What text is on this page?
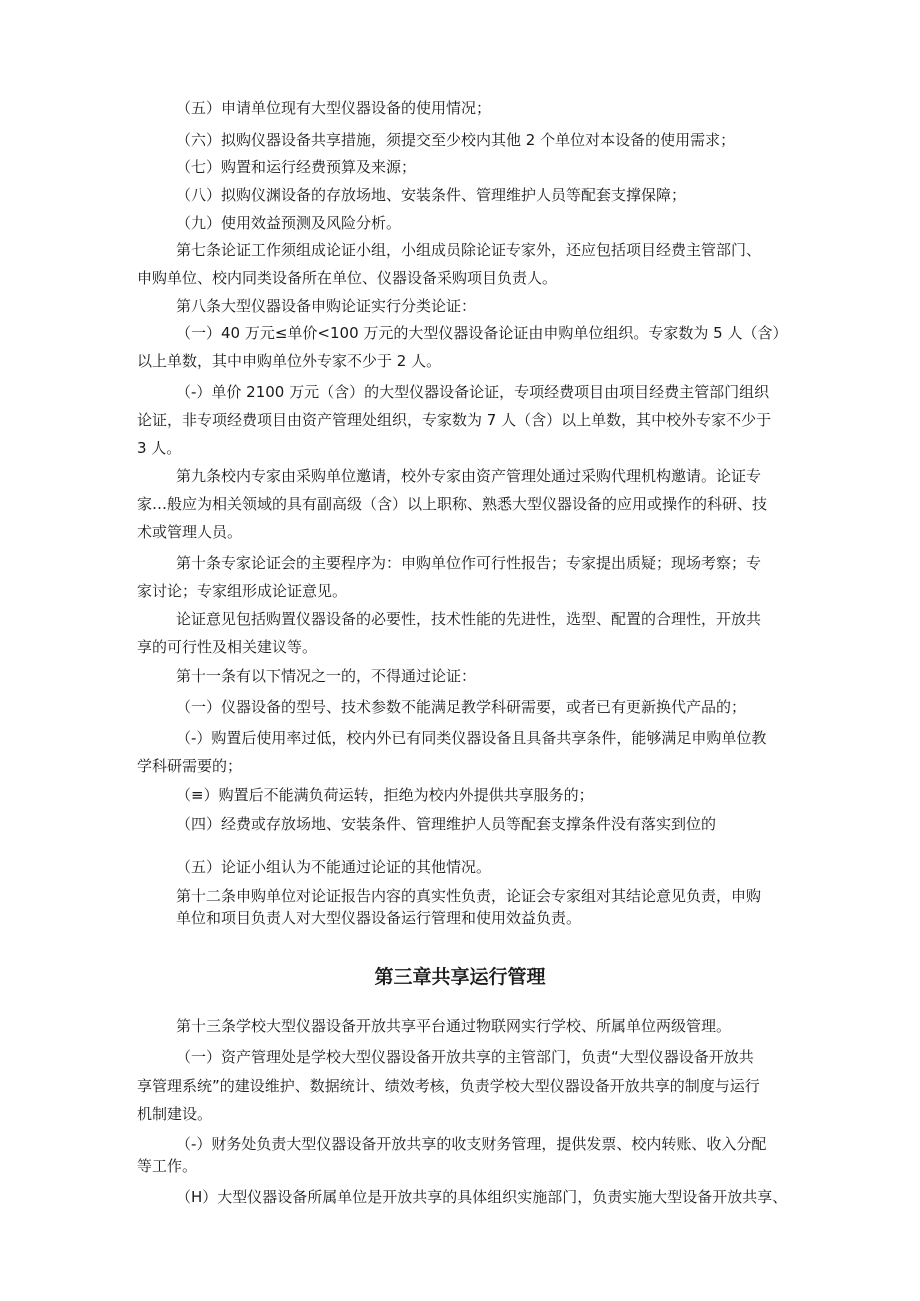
（五）申请单位现有大型仪器设备的使用情况；
（六）拟购仪器设备共享措施，须提交至少校内其他 2 个单位对本设备的使用需求；
（七）购置和运行经费预算及来源；
（八）拟购仪渊设备的存放场地、安装条件、管理维护人员等配套支撑保障；
（九）使用效益预测及风险分析。
第七条论证工作须组成论证小组，小组成员除论证专家外，还应包括项目经费主管部门、
申购单位、校内同类设备所在单位、仪器设备采购项目负责人。
第八条大型仪器设备申购论证实行分类论证：
（一）40 万元≤单价<100 万元的大型仪器设备论证由申购单位组织。专家数为 5 人（含）
以上单数，其中申购单位外专家不少于 2 人。
（-）单价 2100 万元（含）的大型仪器设备论证，专项经费项目由项目经费主管部门组织
论证，非专项经费项目由资产管理处组织，专家数为 7 人（含）以上单数，其中校外专家不少于
3 人。
第九条校内专家由采购单位邀请，校外专家由资产管理处通过采购代理机构邀请。论证专
家…般应为相关领域的具有副高级（含）以上职称、熟悉大型仪器设备的应用或操作的科研、技
术或管理人员。
第十条专家论证会的主要程序为：申购单位作可行性报告；专家提出质疑；现场考察；专
家讨论；专家组形成论证意见。
论证意见包括购置仪器设备的必要性，技术性能的先进性，选型、配置的合理性，开放共
享的可行性及相关建议等。
第十一条有以下情况之一的，不得通过论证：
（一）仪器设备的型号、技术参数不能满足教学科研需要，或者已有更新换代产品的；
（-）购置后使用率过低，校内外已有同类仪器设备且具备共享条件，能够满足申购单位教
学科研需要的；
（≡）购置后不能满负荷运转，拒绝为校内外提供共享服务的；
（四）经费或存放场地、安装条件、管理维护人员等配套支撑条件没有落实到位的
（五）论证小组认为不能通过论证的其他情况。
第十二条申购单位对论证报告内容的真实性负责，论证会专家组对其结论意见负责，申购
单位和项目负责人对大型仪器设备运行管理和使用效益负责。
第三章共享运行管理
第十三条学校大型仪器设备开放共享平台通过物联网实行学校、所属单位两级管理。
（一）资产管理处是学校大型仪器设备开放共享的主管部门，负责“大型仪器设备开放共
享管理系统”的建设维护、数据统计、绩效考核，负责学校大型仪器设备开放共享的制度与运行
机制建设。
（-）财务处负责大型仪器设备开放共享的收支财务管理，提供发票、校内转账、收入分配
等工作。
（H）大型仪器设备所属单位是开放共享的具体组织实施部门，负责实施大型设备开放共享、
